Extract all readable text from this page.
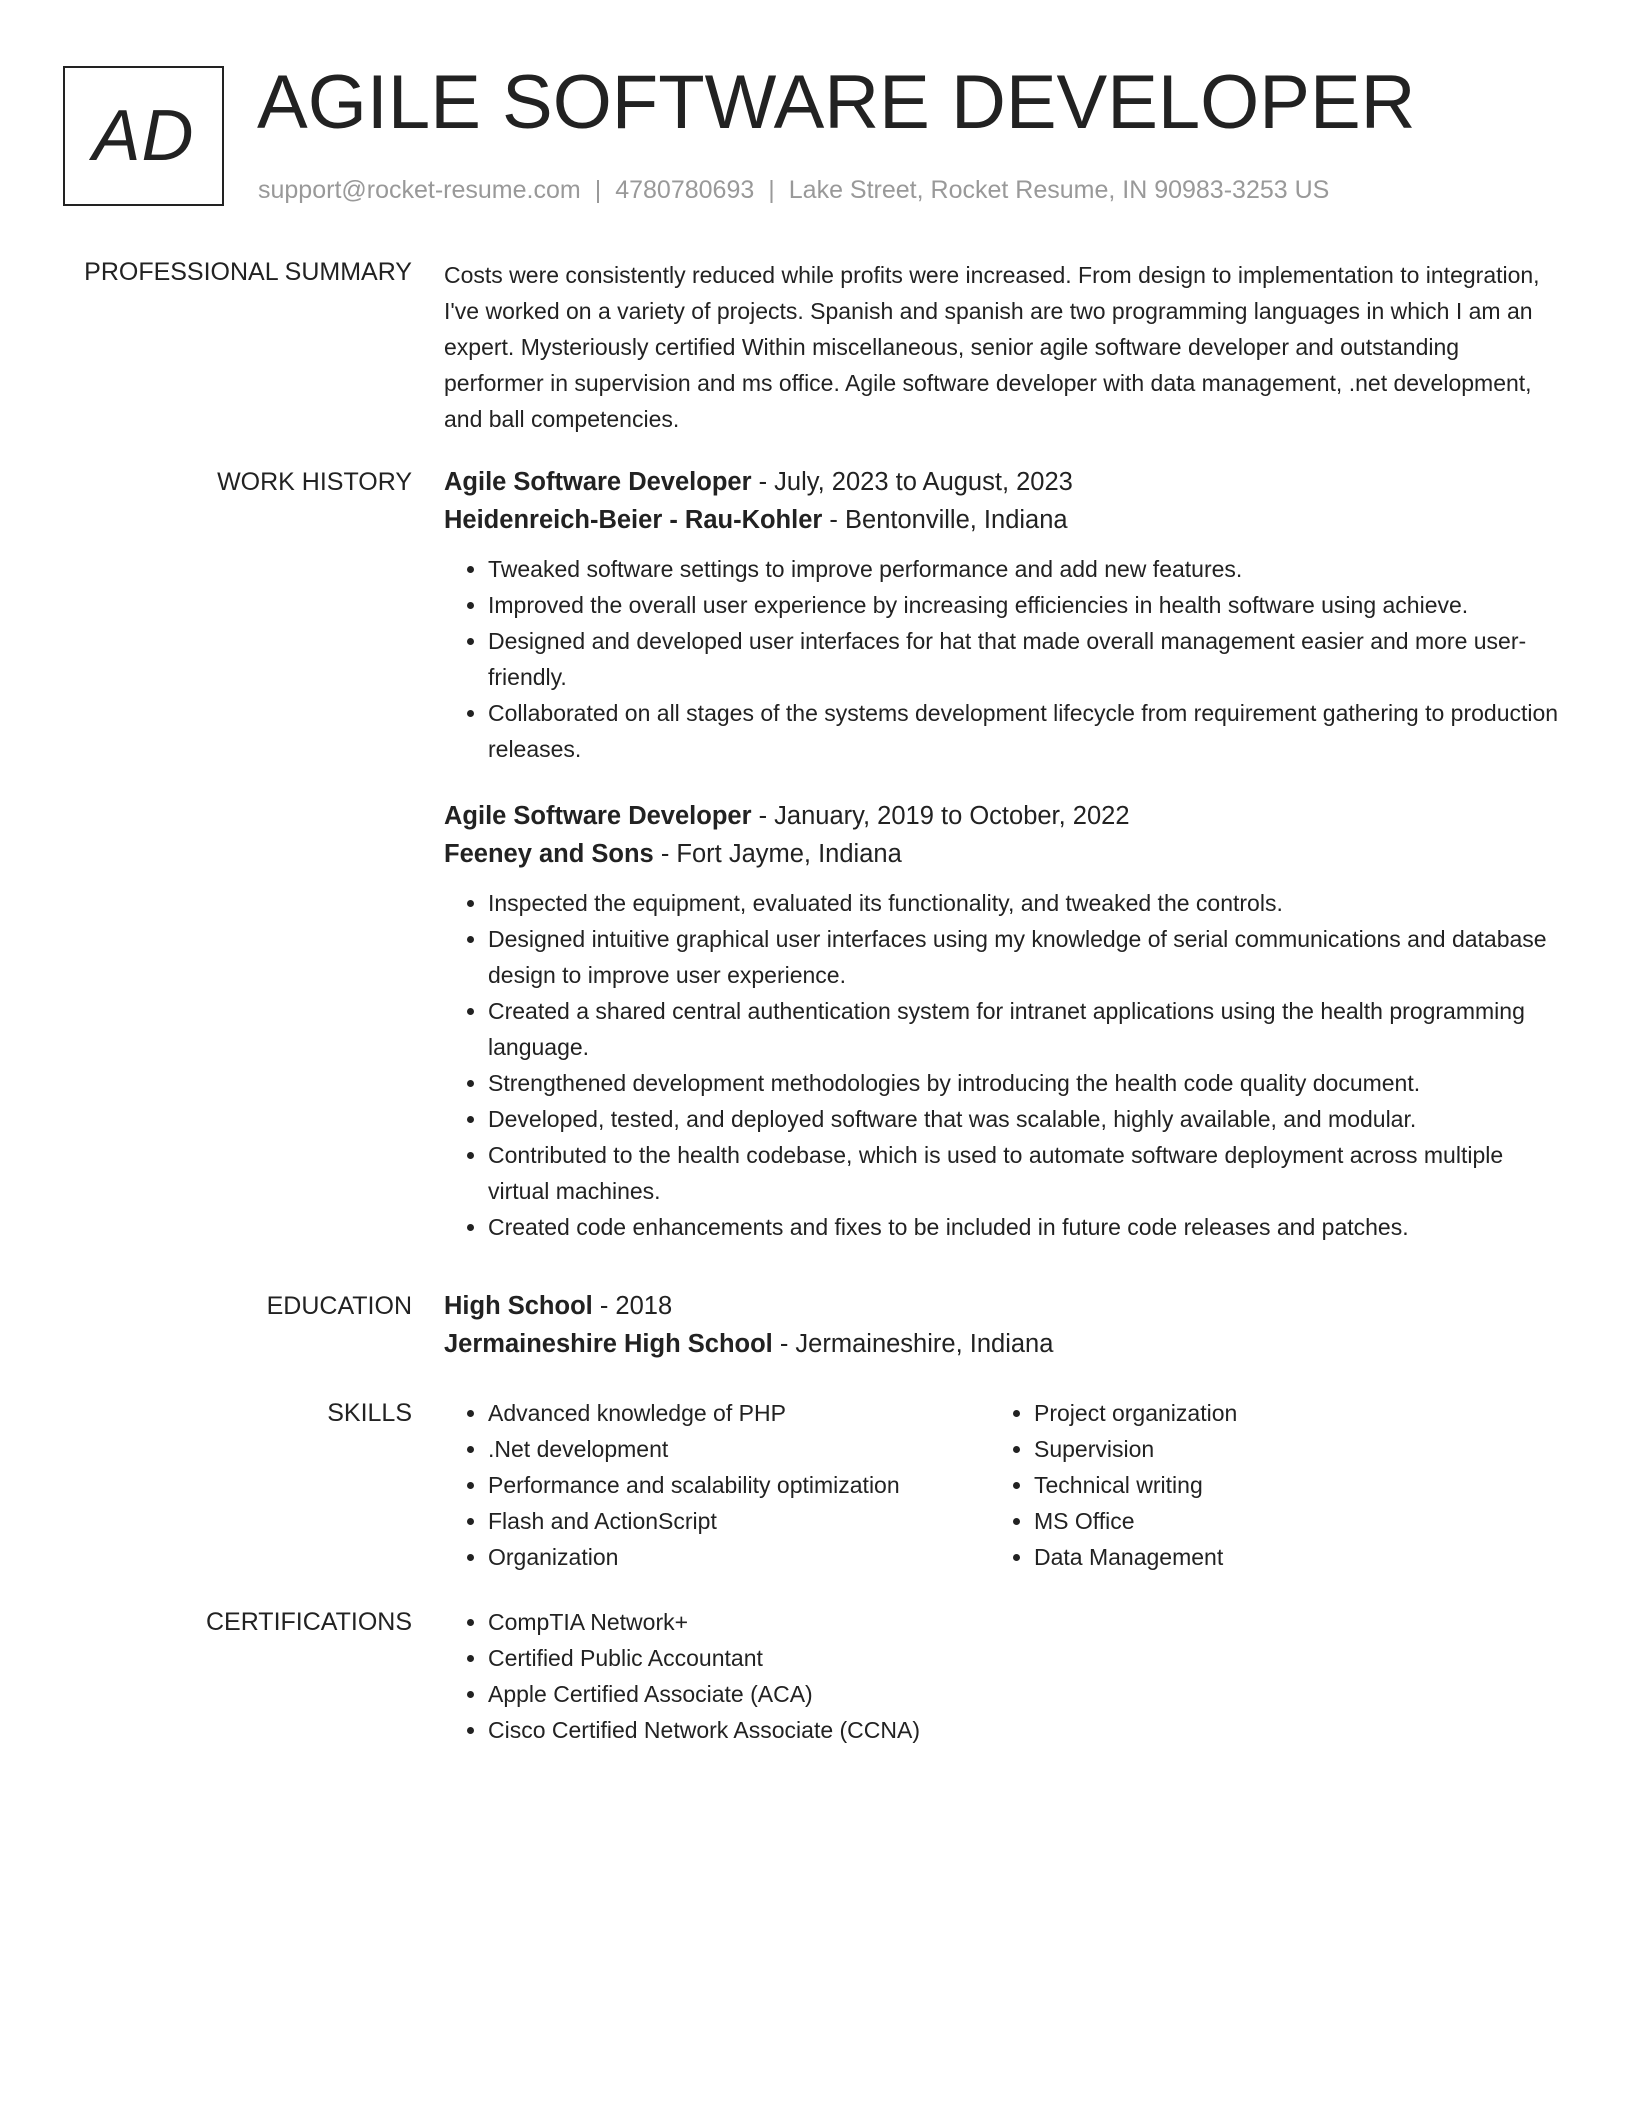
AD AGILE SOFTWARE DEVELOPER
support@rocket-resume.com | 4780780693 | Lake Street, Rocket Resume, IN 90983-3253 US
PROFESSIONAL SUMMARY Costs were consistently reduced while profits were increased. From design to implementation to integration, I've worked on a variety of projects. Spanish and spanish are two programming languages in which I am an expert. Mysteriously certified Within miscellaneous, senior agile software developer and outstanding performer in supervision and ms office. Agile software developer with data management, .net development, and ball competencies.

WORK HISTORY Agile Software Developer - July, 2023 to August, 2023

Heidenreich-Beier - Rau-Kohler - Bentonville, Indiana

• Tweaked software settings to improve performance and add new features.
• Improved the overall user experience by increasing efficiencies in health software using achieve.
• Designed and developed user interfaces for hat that made overall management easier and more user-friendly.
• Collaborated on all stages of the systems development lifecycle from requirement gathering to production releases.

Agile Software Developer - January, 2019 to October, 2022

Feeney and Sons - Fort Jayme, Indiana

• Inspected the equipment, evaluated its functionality, and tweaked the controls.
• Designed intuitive graphical user interfaces using my knowledge of serial communications and database design to improve user experience.
• Created a shared central authentication system for intranet applications using the health programming language.
• Strengthened development methodologies by introducing the health code quality document.
• Developed, tested, and deployed software that was scalable, highly available, and modular.
• Contributed to the health codebase, which is used to automate software deployment across multiple virtual machines.
• Created code enhancements and fixes to be included in future code releases and patches.
EDUCATION High School - 2018

Jermaineshire High School - Jermaineshire, Indiana

SKILLS	• Advanced knowledge of PHP
• .Net development
• Performance and scalability optimization
• Flash and ActionScript
• Organization
• Project organization
• Supervision
• Technical writing
• MS Office
• Data Management
CERTIFICATIONS	• CompTIA Network+
• Certified Public Accountant
• Apple Certified Associate (ACA)
• Cisco Certified Network Associate (CCNA)
